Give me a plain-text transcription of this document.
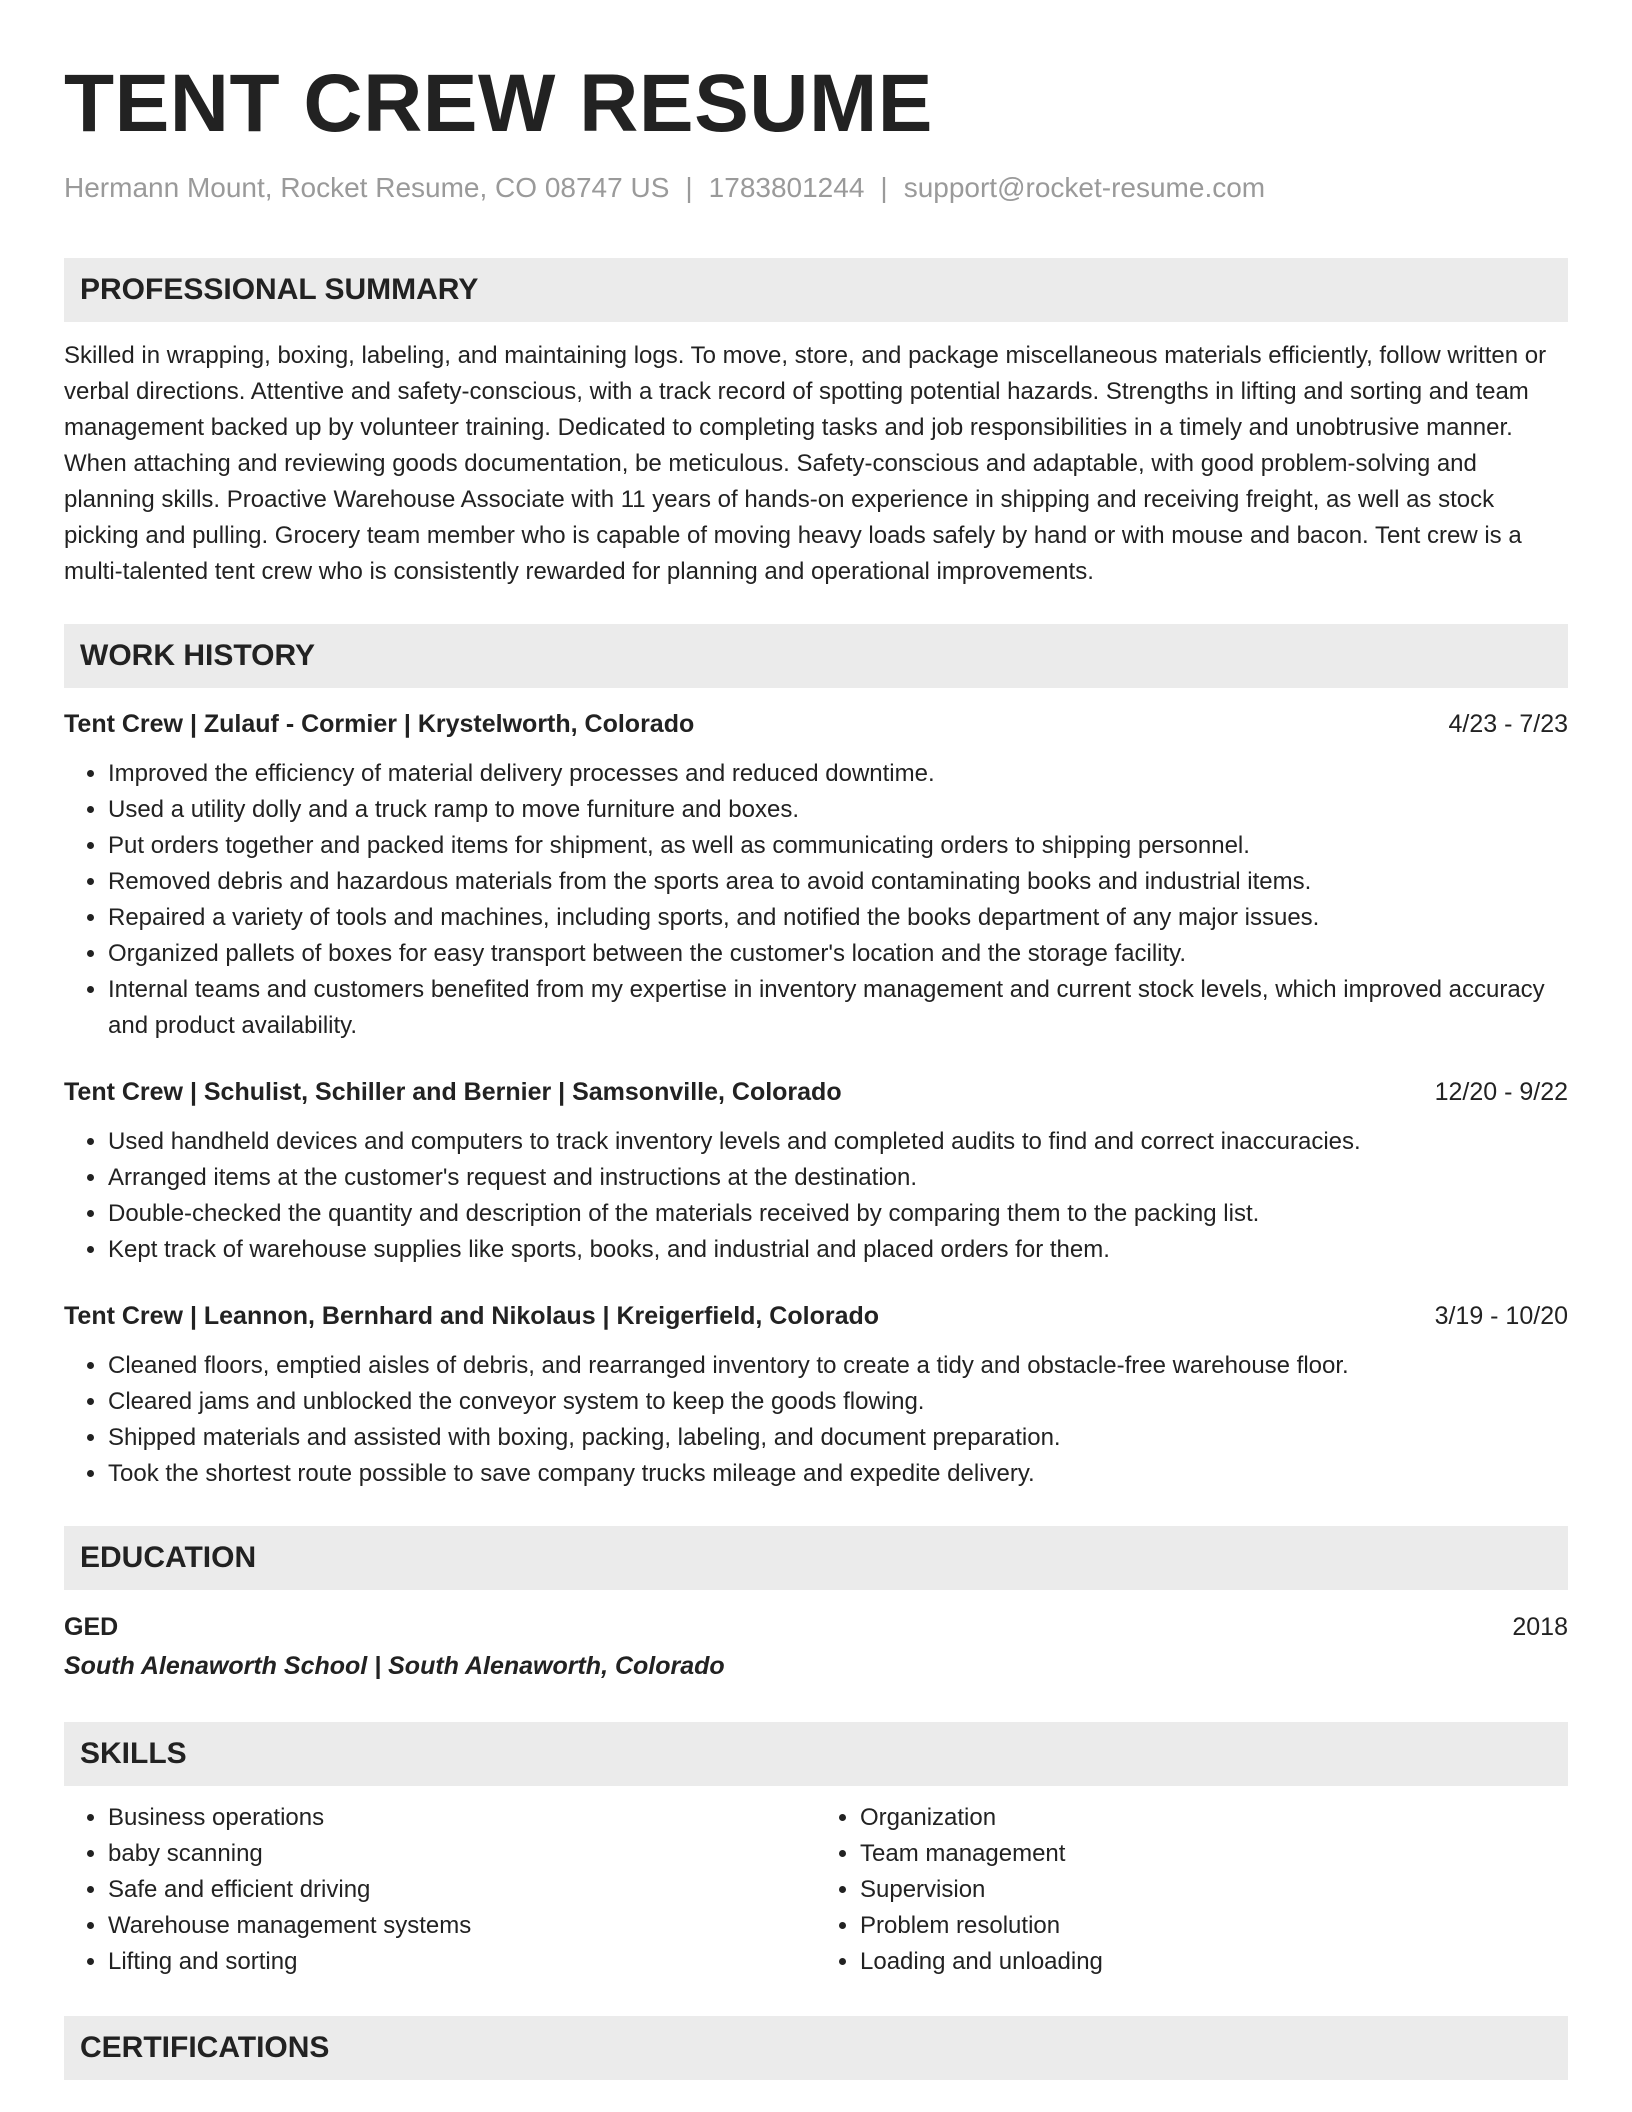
TENT CREW RESUME
Hermann Mount, Rocket Resume, CO 08747 US | 1783801244 | support@rocket-resume.com
PROFESSIONAL SUMMARY
Skilled in wrapping, boxing, labeling, and maintaining logs. To move, store, and package miscellaneous materials efficiently, follow written or verbal directions. Attentive and safety-conscious, with a track record of spotting potential hazards. Strengths in lifting and sorting and team management backed up by volunteer training. Dedicated to completing tasks and job responsibilities in a timely and unobtrusive manner. When attaching and reviewing goods documentation, be meticulous. Safety-conscious and adaptable, with good problem-solving and planning skills. Proactive Warehouse Associate with 11 years of hands-on experience in shipping and receiving freight, as well as stock picking and pulling. Grocery team member who is capable of moving heavy loads safely by hand or with mouse and bacon. Tent crew is a multi-talented tent crew who is consistently rewarded for planning and operational improvements.
WORK HISTORY
Tent Crew | Zulauf - Cormier | Krystelworth, Colorado	4/23 - 7/23
• Improved the efficiency of material delivery processes and reduced downtime.
• Used a utility dolly and a truck ramp to move furniture and boxes.
• Put orders together and packed items for shipment, as well as communicating orders to shipping personnel.
• Removed debris and hazardous materials from the sports area to avoid contaminating books and industrial items.
• Repaired a variety of tools and machines, including sports, and notified the books department of any major issues.
• Organized pallets of boxes for easy transport between the customer's location and the storage facility.
• Internal teams and customers benefited from my expertise in inventory management and current stock levels, which improved accuracy and product availability.
Tent Crew | Schulist, Schiller and Bernier | Samsonville, Colorado	12/20 - 9/22
• Used handheld devices and computers to track inventory levels and completed audits to find and correct inaccuracies.
• Arranged items at the customer's request and instructions at the destination.
• Double-checked the quantity and description of the materials received by comparing them to the packing list.
• Kept track of warehouse supplies like sports, books, and industrial and placed orders for them.
Tent Crew | Leannon, Bernhard and Nikolaus | Kreigerfield, Colorado	3/19 - 10/20
• Cleaned floors, emptied aisles of debris, and rearranged inventory to create a tidy and obstacle-free warehouse floor.
• Cleared jams and unblocked the conveyor system to keep the goods flowing.
• Shipped materials and assisted with boxing, packing, labeling, and document preparation.
• Took the shortest route possible to save company trucks mileage and expedite delivery.
EDUCATION
GED	2018
South Alenaworth School | South Alenaworth, Colorado
SKILLS
• Business operations
• baby scanning
• Safe and efficient driving
• Warehouse management systems
• Lifting and sorting
• Organization
• Team management
• Supervision
• Problem resolution
• Loading and unloading
CERTIFICATIONS
